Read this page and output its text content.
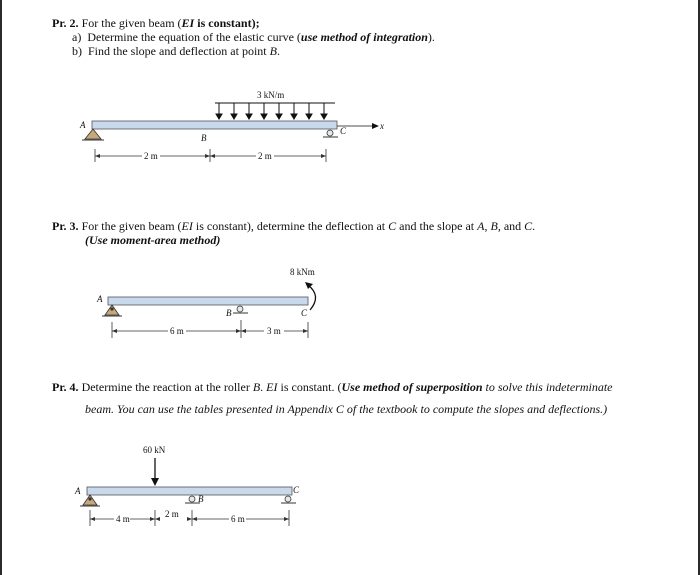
Pr. 2. For the given beam (EI is constant);
a) Determine the equation of the elastic curve (use method of integration).
b) Find the slope and deflection at point B.
3 kN/m
x
A
C
B
2 m	2 m
Pr. 3. For the given beam (EI is constant), determine the deflection at C and the slope at A, B, and C.
(Use moment-area method)
8 kNm
A
B	C
6 m	3 m
Pr. 4. Determine the reaction at the roller B. EI is constant. (Use method of superposition to solve this indeterminate
beam. You can use the tables presented in Appendix C of the textbook to compute the slopes and deflections.)
60 kN
A
B
C
4 m	2 m	6 m
